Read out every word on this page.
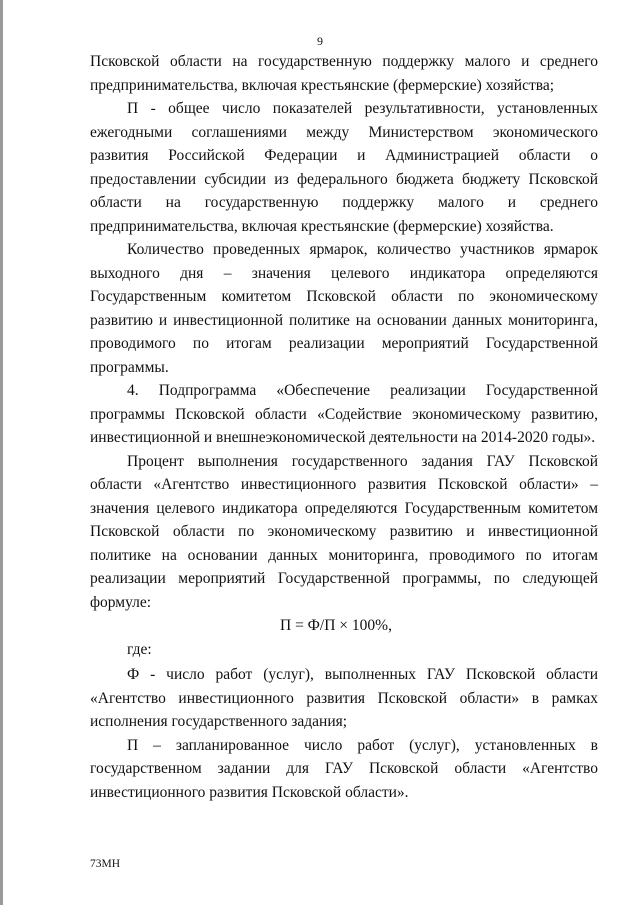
9

Псковской области на государственную поддержку малого и среднего предпринимательства, включая крестьянские (фермерские) хозяйства;

П - общее число показателей результативности, установленных ежегодными соглашениями между Министерством экономического развития Российской Федерации и Администрацией области о предоставлении субсидии из федерального бюджета бюджету Псковской области на государственную поддержку малого и среднего предпринимательства, включая крестьянские (фермерские) хозяйства.

Количество проведенных ярмарок, количество участников ярмарок выходного дня – значения целевого индикатора определяются Государственным комитетом Псковской области по экономическому развитию и инвестиционной политике на основании данных мониторинга, проводимого по итогам реализации мероприятий Государственной программы.

4. Подпрограмма «Обеспечение реализации Государственной программы Псковской области «Содействие экономическому развитию, инвестиционной и внешнеэкономической деятельности на 2014-2020 годы».

Процент выполнения государственного задания ГАУ Псковской области «Агентство инвестиционного развития Псковской области» – значения целевого индикатора определяются Государственным комитетом Псковской области по экономическому развитию и инвестиционной политике на основании данных мониторинга, проводимого по итогам реализации мероприятий Государственной программы, по следующей формуле:

П = Ф/П × 100%,

где:

Ф - число работ (услуг), выполненных ГАУ Псковской области «Агентство инвестиционного развития Псковской области» в рамках исполнения государственного задания;

П – запланированное число работ (услуг), установленных в государственном задании для ГАУ Псковской области «Агентство инвестиционного развития Псковской области».

73МН
